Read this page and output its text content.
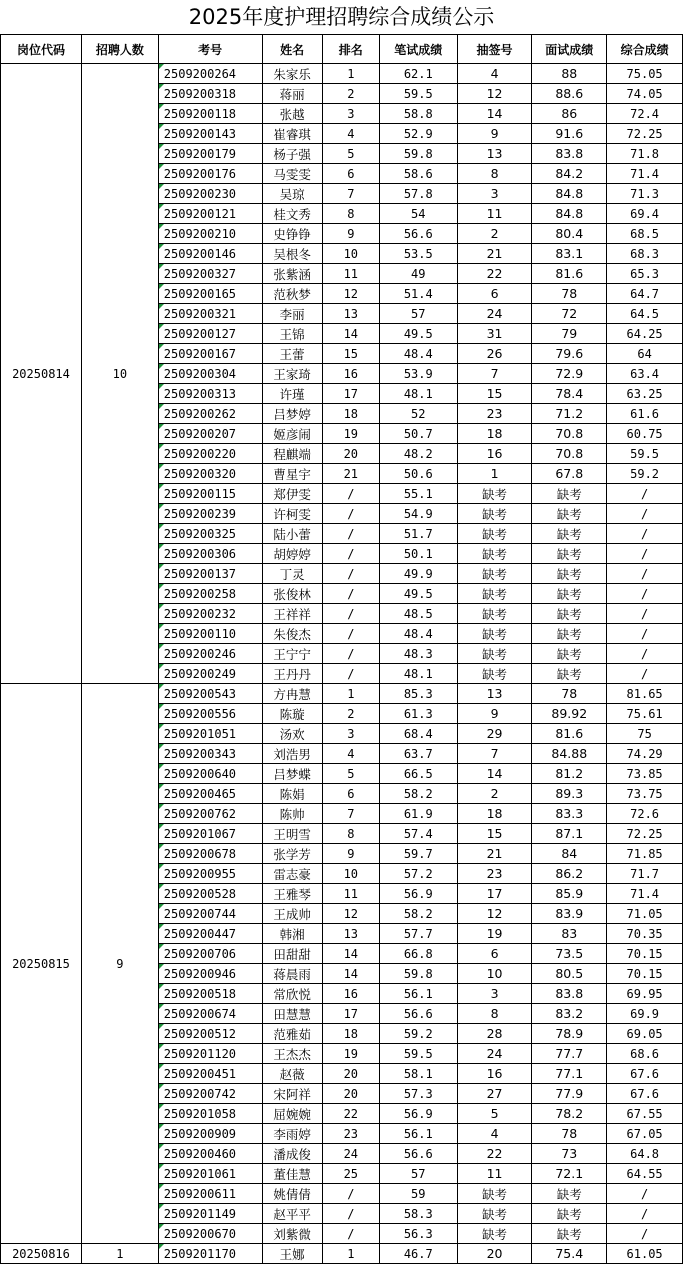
2025年度护理招聘综合成绩公示
岗位代码	招聘人数	考号	姓名	排名	笔试成绩	抽签号	面试成绩	综合成绩
20250814	10	2509200264	朱家乐	1	62.1	4	88	75.05
		2509200318	蒋丽	2	59.5	12	88.6	74.05
		2509200118	张越	3	58.8	14	86	72.4
		2509200143	崔睿琪	4	52.9	9	91.6	72.25
		2509200179	杨子强	5	59.8	13	83.8	71.8
		2509200176	马雯雯	6	58.6	8	84.2	71.4
		2509200230	吴琼	7	57.8	3	84.8	71.3
		2509200121	桂文秀	8	54	11	84.8	69.4
		2509200210	史铮铮	9	56.6	2	80.4	68.5
		2509200146	吴根冬	10	53.5	21	83.1	68.3
		2509200327	张紫涵	11	49	22	81.6	65.3
		2509200165	范秋梦	12	51.4	6	78	64.7
		2509200321	李丽	13	57	24	72	64.5
		2509200127	王锦	14	49.5	31	79	64.25
		2509200167	王蕾	15	48.4	26	79.6	64
		2509200304	王家琦	16	53.9	7	72.9	63.4
		2509200313	许瑾	17	48.1	15	78.4	63.25
		2509200262	吕梦婷	18	52	23	71.2	61.6
		2509200207	姬彦闹	19	50.7	18	70.8	60.75
		2509200220	程麒端	20	48.2	16	70.8	59.5
		2509200320	曹星宇	21	50.6	1	67.8	59.2
		2509200115	郑伊雯	/	55.1	缺考	缺考	/
		2509200239	许柯雯	/	54.9	缺考	缺考	/
		2509200325	陆小蕾	/	51.7	缺考	缺考	/
		2509200306	胡婷婷	/	50.1	缺考	缺考	/
		2509200137	丁灵	/	49.9	缺考	缺考	/
		2509200258	张俊林	/	49.5	缺考	缺考	/
		2509200232	王祥祥	/	48.5	缺考	缺考	/
		2509200110	朱俊杰	/	48.4	缺考	缺考	/
		2509200246	王宁宁	/	48.3	缺考	缺考	/
		2509200249	王丹丹	/	48.1	缺考	缺考	/
20250815	9	2509200543	方冉慧	1	85.3	13	78	81.65
		2509200556	陈璇	2	61.3	9	89.92	75.61
		2509201051	汤欢	3	68.4	29	81.6	75
		2509200343	刘浩男	4	63.7	7	84.88	74.29
		2509200640	吕梦蝶	5	66.5	14	81.2	73.85
		2509200465	陈娟	6	58.2	2	89.3	73.75
		2509200762	陈帅	7	61.9	18	83.3	72.6
		2509201067	王明雪	8	57.4	15	87.1	72.25
		2509200678	张学芳	9	59.7	21	84	71.85
		2509200955	雷志豪	10	57.2	23	86.2	71.7
		2509200528	王雅琴	11	56.9	17	85.9	71.4
		2509200744	王成帅	12	58.2	12	83.9	71.05
		2509200447	韩湘	13	57.7	19	83	70.35
		2509200706	田甜甜	14	66.8	6	73.5	70.15
		2509200946	蒋晨雨	14	59.8	10	80.5	70.15
		2509200518	常欣悦	16	56.1	3	83.8	69.95
		2509200674	田慧慧	17	56.6	8	83.2	69.9
		2509200512	范雅茹	18	59.2	28	78.9	69.05
		2509201120	王杰杰	19	59.5	24	77.7	68.6
		2509200451	赵薇	20	58.1	16	77.1	67.6
		2509200742	宋阿祥	20	57.3	27	77.9	67.6
		2509201058	屈婉婉	22	56.9	5	78.2	67.55
		2509200909	李雨婷	23	56.1	4	78	67.05
		2509200460	潘成俊	24	56.6	22	73	64.8
		2509201061	董佳慧	25	57	11	72.1	64.55
		2509200611	姚倩倩	/	59	缺考	缺考	/
		2509201149	赵平平	/	58.3	缺考	缺考	/
		2509200670	刘紫微	/	56.3	缺考	缺考	/
20250816	1	2509201170	王娜	1	46.7	20	75.4	61.05
